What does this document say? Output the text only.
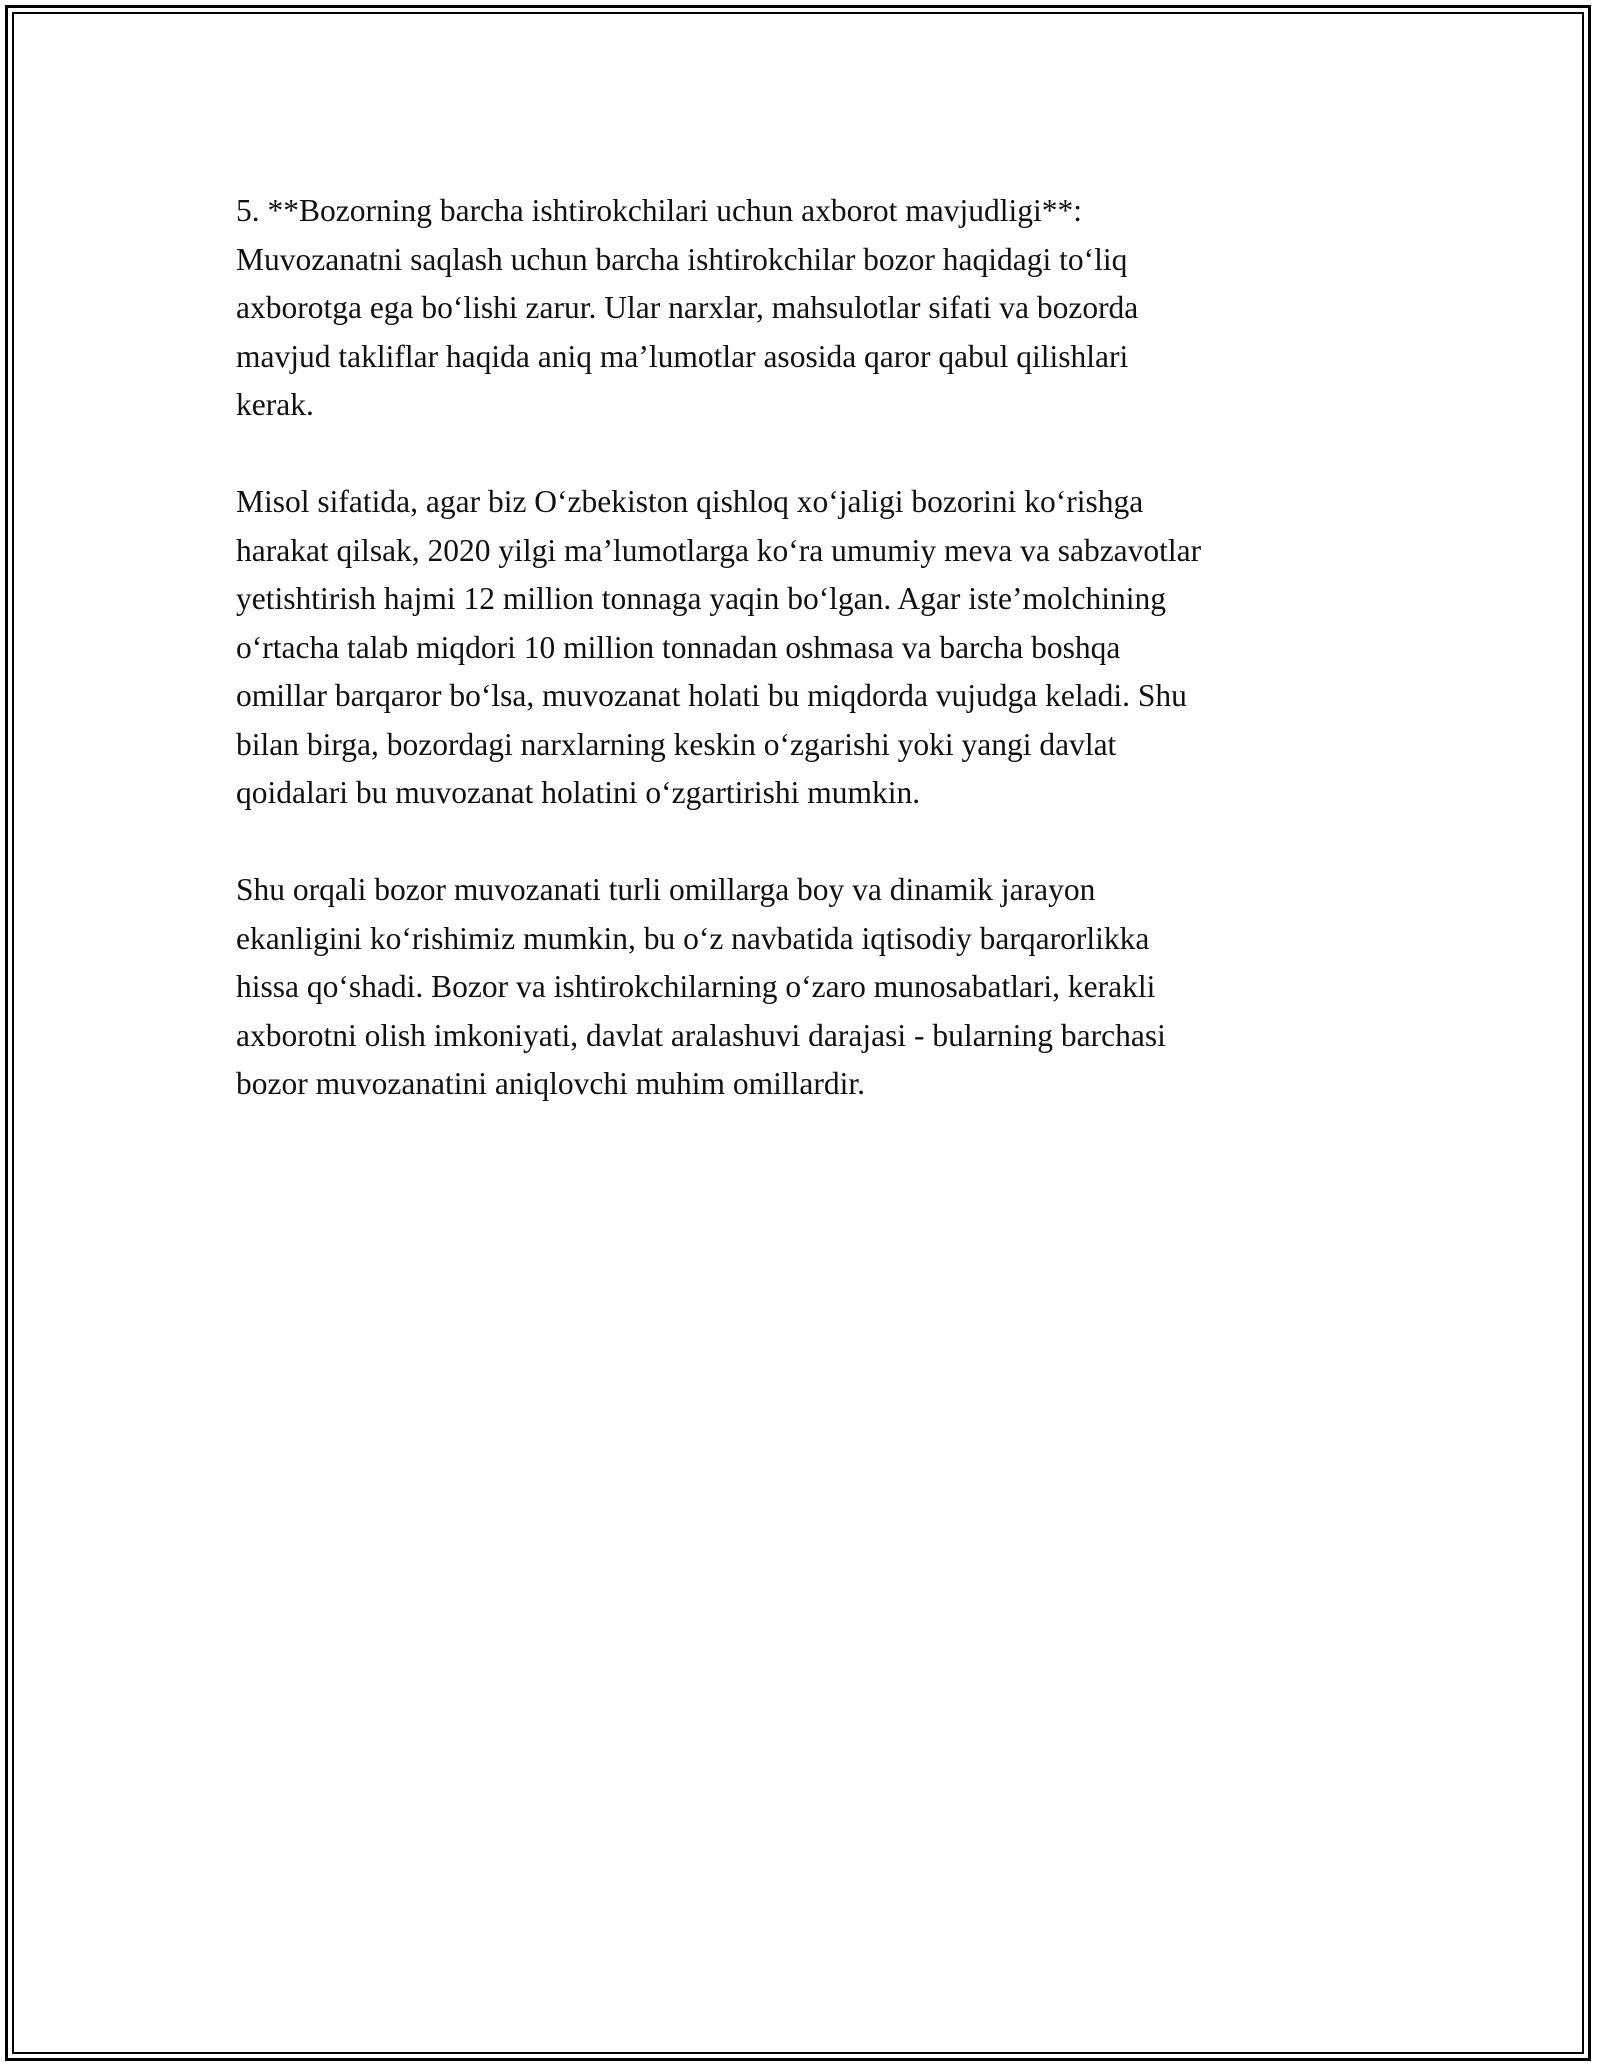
5. **Bozorning barcha ishtirokchilari uchun axborot mavjudligi**:
Muvozanatni saqlash uchun barcha ishtirokchilar bozor haqidagi to‘liq
axborotga ega bo‘lishi zarur. Ular narxlar, mahsulotlar sifati va bozorda
mavjud takliflar haqida aniq ma’lumotlar asosida qaror qabul qilishlari
kerak.

Misol sifatida, agar biz O‘zbekiston qishloq xo‘jaligi bozorini ko‘rishga
harakat qilsak, 2020 yilgi ma’lumotlarga ko‘ra umumiy meva va sabzavotlar
yetishtirish hajmi 12 million tonnaga yaqin bo‘lgan. Agar iste’molchining
o‘rtacha talab miqdori 10 million tonnadan oshmasa va barcha boshqa
omillar barqaror bo‘lsa, muvozanat holati bu miqdorda vujudga keladi. Shu
bilan birga, bozordagi narxlarning keskin o‘zgarishi yoki yangi davlat
qoidalari bu muvozanat holatini o‘zgartirishi mumkin.

Shu orqali bozor muvozanati turli omillarga boy va dinamik jarayon
ekanligini ko‘rishimiz mumkin, bu o‘z navbatida iqtisodiy barqarorlikka
hissa qo‘shadi. Bozor va ishtirokchilarning o‘zaro munosabatlari, kerakli
axborotni olish imkoniyati, davlat aralashuvi darajasi - bularning barchasi
bozor muvozanatini aniqlovchi muhim omillardir.
